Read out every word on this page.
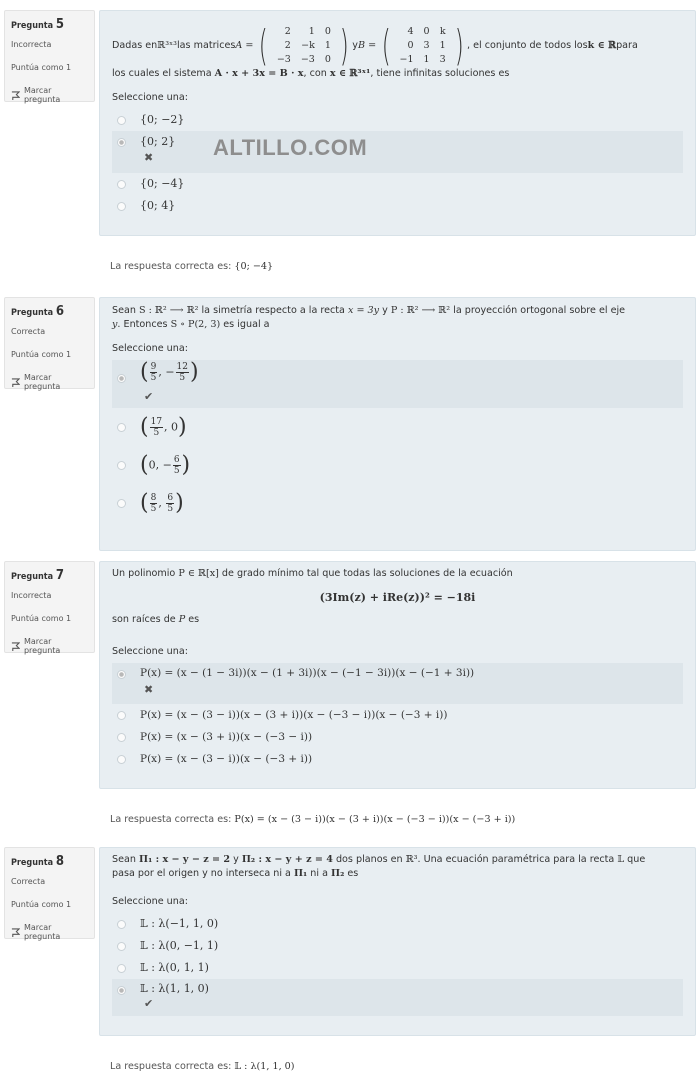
Pregunta 5
Incorrecta
Puntúa como 1
Marcar pregunta
Dadas en ℝ³ˣ³ las matrices A = ( 2	1	0
2	−k	1
−3	−3	0 ) y B = ( 4	0	k
0	3	1
−1	1	3 ) , el conjunto de todos los k ∈ ℝ para
los cuales el sistema A · x + 3x = B · x, con x ∈ ℝ³ˣ¹, tiene infinitas soluciones es
Seleccione una:
{0; −2}
{0; 2}
✖
{0; −4}
{0; 4}
ALTILLO.COM
La respuesta correcta es: {0; −4}
Pregunta 6
Correcta
Puntúa como 1
Marcar pregunta
Sean S : ℝ² ⟶ ℝ² la simetría respecto a la recta x = 3y y P : ℝ² ⟶ ℝ² la proyección ortogonal sobre el eje
y. Entonces S ∘ P(2, 3) es igual a
Seleccione una:
( $\frac{9}{5}$ , − $\frac{12}{5}$ )
✔
( $\frac{17}{5}$ , 0)
(0, − $\frac{6}{5}$ )
( $\frac{8}{5}$ , $\frac{6}{5}$ )
Pregunta 7
Incorrecta
Puntúa como 1
Marcar pregunta
Un polinomio P ∈ ℝ[x] de grado mínimo tal que todas las soluciones de la ecuación
(3Im(z) + iRe(z))² = −18i
son raíces de P es
Seleccione una:
P(x) = (x − (1 − 3i))(x − (1 + 3i))(x − (−1 − 3i))(x − (−1 + 3i))
✖
P(x) = (x − (3 − i))(x − (3 + i))(x − (−3 − i))(x − (−3 + i))
P(x) = (x − (3 + i))(x − (−3 − i))
P(x) = (x − (3 − i))(x − (−3 + i))
La respuesta correcta es: P(x) = (x − (3 − i))(x − (3 + i))(x − (−3 − i))(x − (−3 + i))
Pregunta 8
Correcta
Puntúa como 1
Marcar pregunta
Sean Π₁ : x − y − z = 2 y Π₂ : x − y + z = 4 dos planos en ℝ³. Una ecuación paramétrica para la recta 𝕃 que
pasa por el origen y no interseca ni a Π₁ ni a Π₂ es
Seleccione una:
𝕃 : λ(−1, 1, 0)
𝕃 : λ(0, −1, 1)
𝕃 : λ(0, 1, 1)
𝕃 : λ(1, 1, 0)
✔
La respuesta correcta es: 𝕃 : λ(1, 1, 0)
